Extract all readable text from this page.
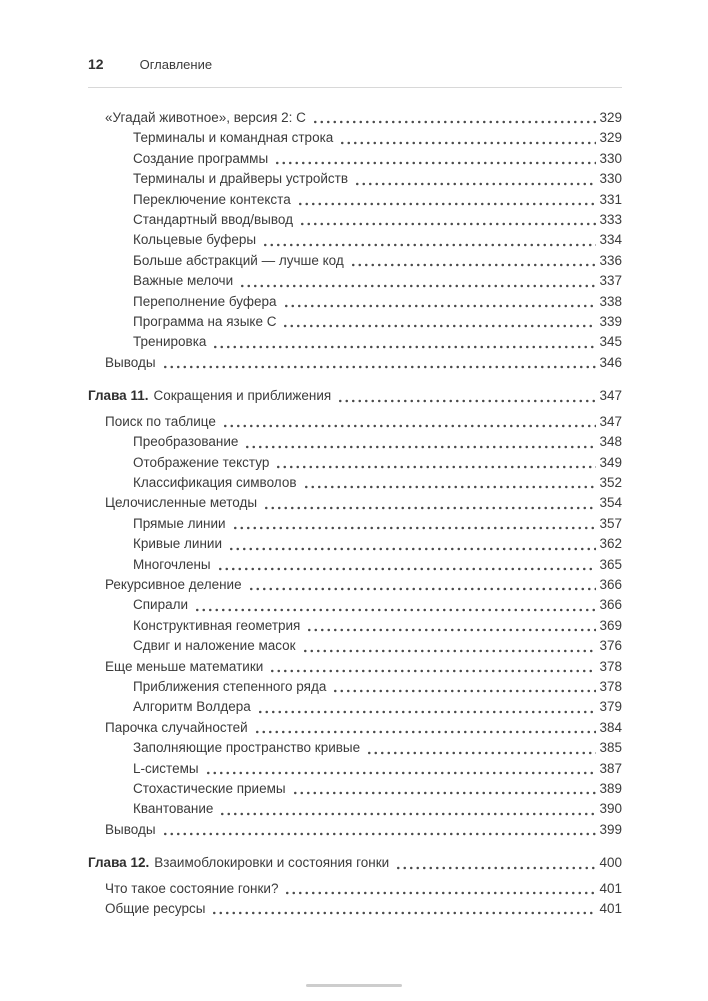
12	Оглавление
«Угадай животное», версия 2: C	329
Терминалы и командная строка	329
Создание программы	330
Терминалы и драйверы устройств	330
Переключение контекста	331
Стандартный ввод/вывод	333
Кольцевые буферы	334
Больше абстракций — лучше код	336
Важные мелочи	337
Переполнение буфера	338
Программа на языке C	339
Тренировка	345
Выводы	346
Глава 11. Сокращения и приближения	347
Поиск по таблице	347
Преобразование	348
Отображение текстур	349
Классификация символов	352
Целочисленные методы	354
Прямые линии	357
Кривые линии	362
Многочлены	365
Рекурсивное деление	366
Спирали	366
Конструктивная геометрия	369
Сдвиг и наложение масок	376
Еще меньше математики	378
Приближения степенного ряда	378
Алгоритм Волдера	379
Парочка случайностей	384
Заполняющие пространство кривые	385
L-системы	387
Стохастические приемы	389
Квантование	390
Выводы	399
Глава 12. Взаимоблокировки и состояния гонки	400
Что такое состояние гонки?	401
Общие ресурсы	401
